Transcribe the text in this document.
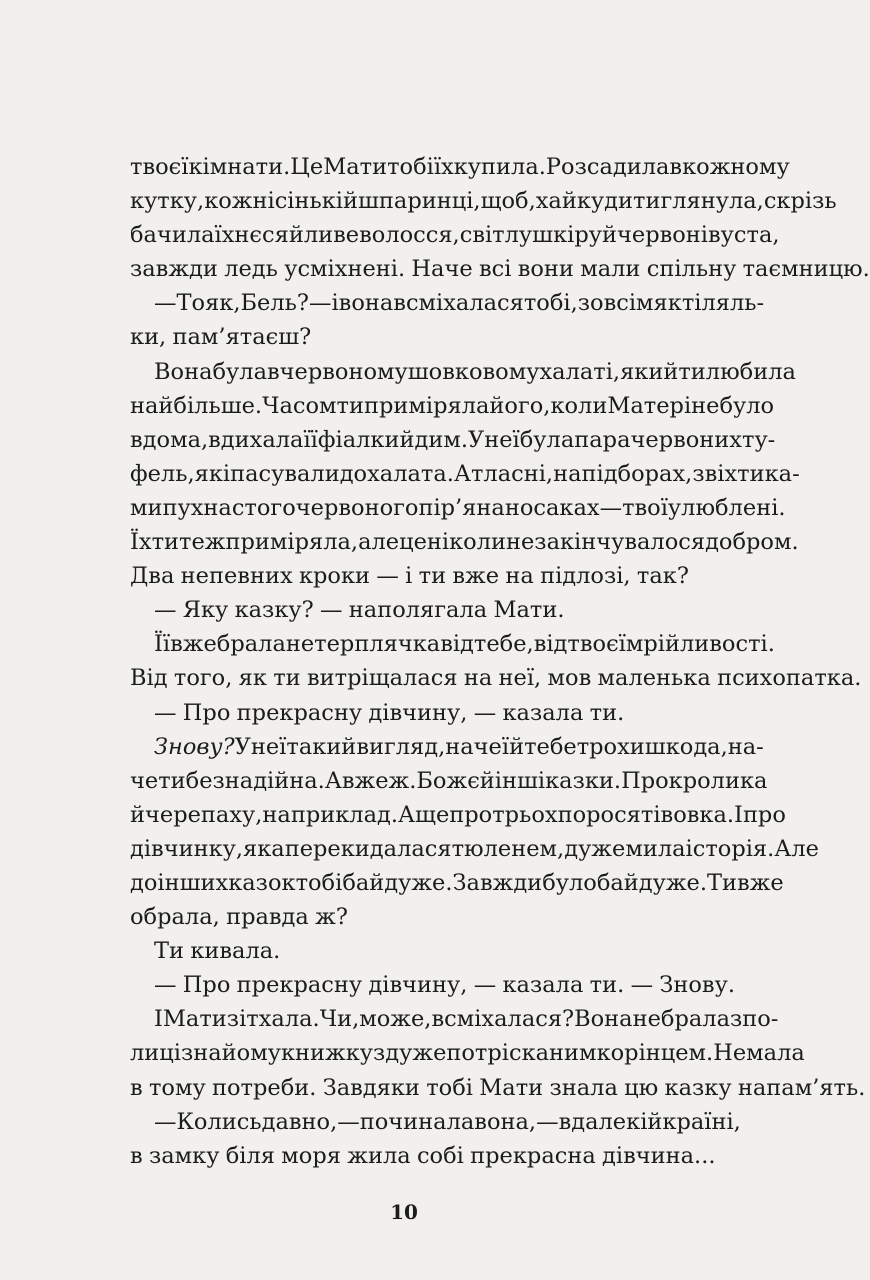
твоєї кімнати. Це Мати тобі їх купила. Розсадила в кожному
кутку, кожнісінькій шпаринці, щоб, хай куди ти глянула, скрізь
бачила їхнє сяйливе волосся, світлу шкіру й червоні вуста,
завжди ледь усміхнені. Наче всі вони мали спільну таємницю.
— То як, Бель? — і вона всміхалася тобі, зовсім як ті ляль-
ки, пам’ятаєш?
Вона була в червоному шовковому халаті, який ти любила
найбільше. Часом ти приміряла його, коли Матері не було
вдома, вдихала її фіалки й дим. У неї була пара червоних ту-
фель, які пасували до халата. Атласні, на підборах, з віхтика-
ми пухнастого червоного пір’я на носаках — твої улюблені.
Їх ти теж приміряла, але це ніколи не закінчувалося добром.
Два непевних кроки — і ти вже на підлозі, так?
— Яку казку? — наполягала Мати.
Її вже брала нетерплячка від тебе, від твоєї мрійливості.
Від того, як ти витріщалася на неї, мов маленька психопатка.
— Про прекрасну дівчину, — казала ти.
Знову? У неї такий вигляд, наче їй тебе трохи шкода, на-
че ти безнадійна. Авжеж. Бо ж є й інші казки. Про кролика
й черепаху, наприклад. А ще про трьох поросят і вовка. І про
дівчинку, яка перекидалася тюленем, дуже мила історія. Але
до інших казок тобі байдуже. Завжди було байдуже. Ти вже
обрала, правда ж?
Ти кивала.
— Про прекрасну дівчину, — казала ти. — Знову.
І Мати зітхала. Чи, може, всміхалася? Вона не брала з по-
лиці знайому книжку з дуже потрісканим корінцем. Не мала
в тому потреби. Завдяки тобі Мати знала цю казку напам’ять.
— Колись давно, — починала вона, — в далекій країні,
в замку біля моря жила собі прекрасна дівчина...
10
